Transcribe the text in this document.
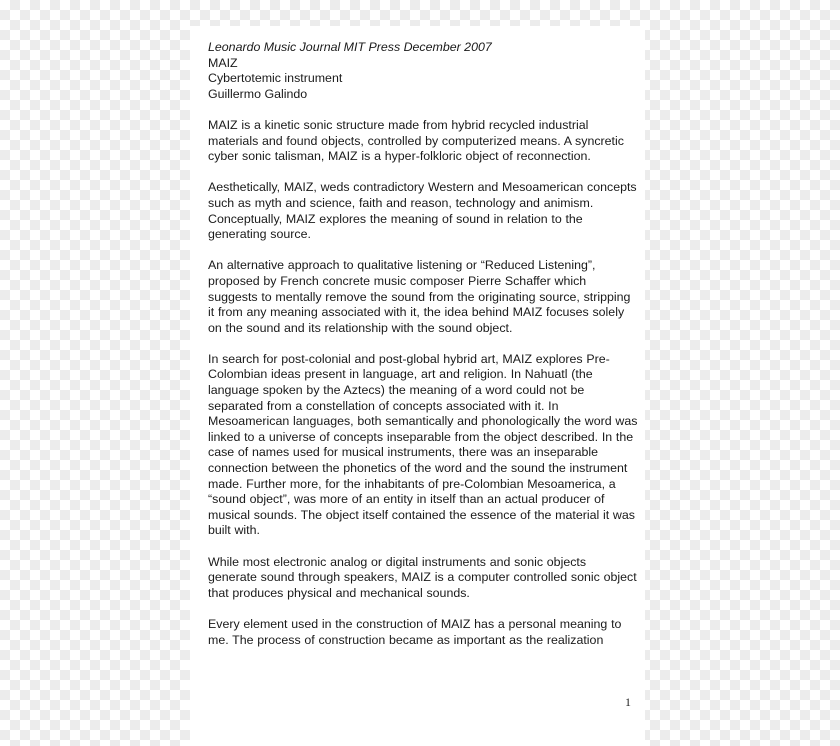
Leonardo Music Journal MIT Press December 2007

MAIZ

Cybertotemic instrument

Guillermo Galindo

MAIZ is a kinetic sonic structure made from hybrid recycled industrial materials and found objects, controlled by computerized means. A syncretic cyber sonic talisman, MAIZ is a hyper-folkloric object of reconnection.

Aesthetically, MAIZ, weds contradictory Western and Mesoamerican concepts such as myth and science, faith and reason, technology and animism. Conceptually, MAIZ explores the meaning of sound in relation to the generating source.

An alternative approach to qualitative listening or “Reduced Listening”, proposed by French concrete music composer Pierre Schaffer which suggests to mentally remove the sound from the originating source, stripping it from any meaning associated with it, the idea behind MAIZ focuses solely on the sound and its relationship with the sound object.

In search for post-colonial and post-global hybrid art, MAIZ explores Pre-Colombian ideas present in language, art and religion. In Nahuatl (the language spoken by the Aztecs) the meaning of a word could not be separated from a constellation of concepts associated with it. In Mesoamerican languages, both semantically and phonologically the word was linked to a universe of concepts inseparable from the object described. In the case of names used for musical instruments, there was an inseparable connection between the phonetics of the word and the sound the instrument made. Further more, for the inhabitants of pre-Colombian Mesoamerica, a “sound object”, was more of an entity in itself than an actual producer of musical sounds. The object itself contained the essence of the material it was built with.

While most electronic analog or digital instruments and sonic objects generate sound through speakers, MAIZ is a computer controlled sonic object that produces physical and mechanical sounds.

Every element used in the construction of MAIZ has a personal meaning to me. The process of construction became as important as the realization

1
